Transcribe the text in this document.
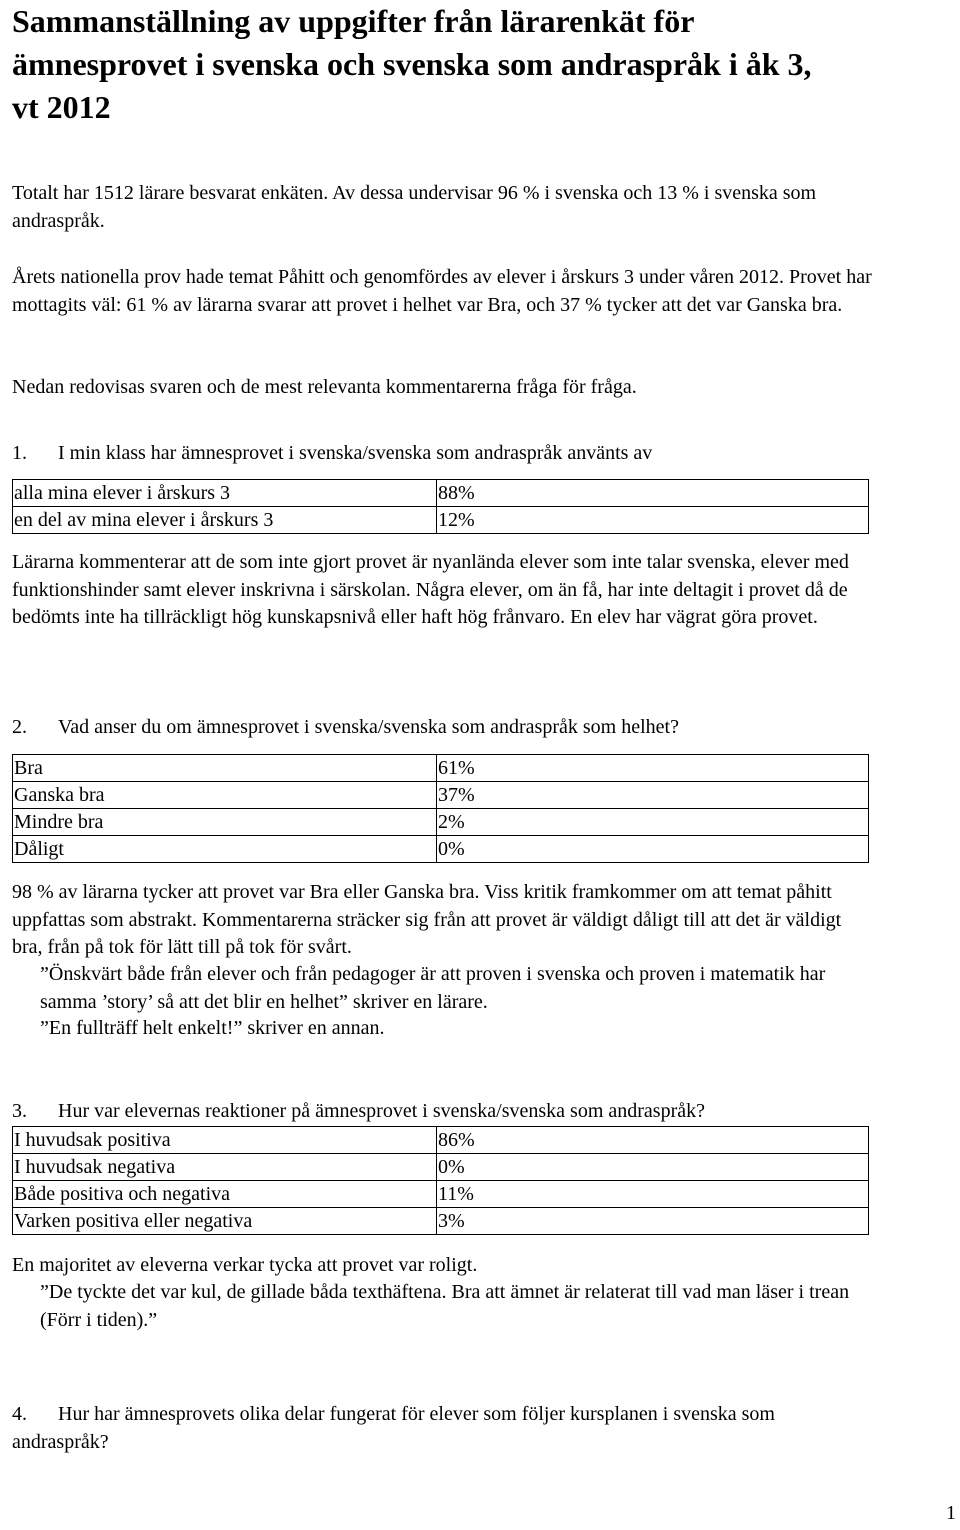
Sammanställning av uppgifter från lärarenkät för ämnesprovet i svenska och svenska som andraspråk i åk 3, vt 2012

Totalt har 1512 lärare besvarat enkäten. Av dessa undervisar 96 % i svenska och 13 % i svenska som andraspråk.

Årets nationella prov hade temat Påhitt och genomfördes av elever i årskurs 3 under våren 2012. Provet har mottagits väl: 61 % av lärarna svarar att provet i helhet var Bra, och 37 % tycker att det var Ganska bra.

Nedan redovisas svaren och de mest relevanta kommentarerna fråga för fråga.

1. I min klass har ämnesprovet i svenska/svenska som andraspråk använts av
alla mina elever i årskurs 3	88%
en del av mina elever i årskurs 3	12%

Lärarna kommenterar att de som inte gjort provet är nyanlända elever som inte talar svenska, elever med funktionshinder samt elever inskrivna i särskolan. Några elever, om än få, har inte deltagit i provet då de bedömts inte ha tillräckligt hög kunskapsnivå eller haft hög frånvaro. En elev har vägrat göra provet.

2. Vad anser du om ämnesprovet i svenska/svenska som andraspråk som helhet?
Bra	61%
Ganska bra	37%
Mindre bra	2%
Dåligt	0%

98 % av lärarna tycker att provet var Bra eller Ganska bra. Viss kritik framkommer om att temat påhitt uppfattas som abstrakt. Kommentarerna sträcker sig från att provet är väldigt dåligt till att det är väldigt bra, från på tok för lätt till på tok för svårt.

”Önskvärt både från elever och från pedagoger är att proven i svenska och proven i matematik har samma ’story’ så att det blir en helhet” skriver en lärare.

”En fullträff helt enkelt!” skriver en annan.

3. Hur var elevernas reaktioner på ämnesprovet i svenska/svenska som andraspråk?
I huvudsak positiva	86%
I huvudsak negativa	0%
Både positiva och negativa	11%
Varken positiva eller negativa	3%

En majoritet av eleverna verkar tycka att provet var roligt.

”De tyckte det var kul, de gillade båda texthäftena. Bra att ämnet är relaterat till vad man läser i trean (Förr i tiden).”

4. Hur har ämnesprovets olika delar fungerat för elever som följer kursplanen i svenska som andraspråk?
1
